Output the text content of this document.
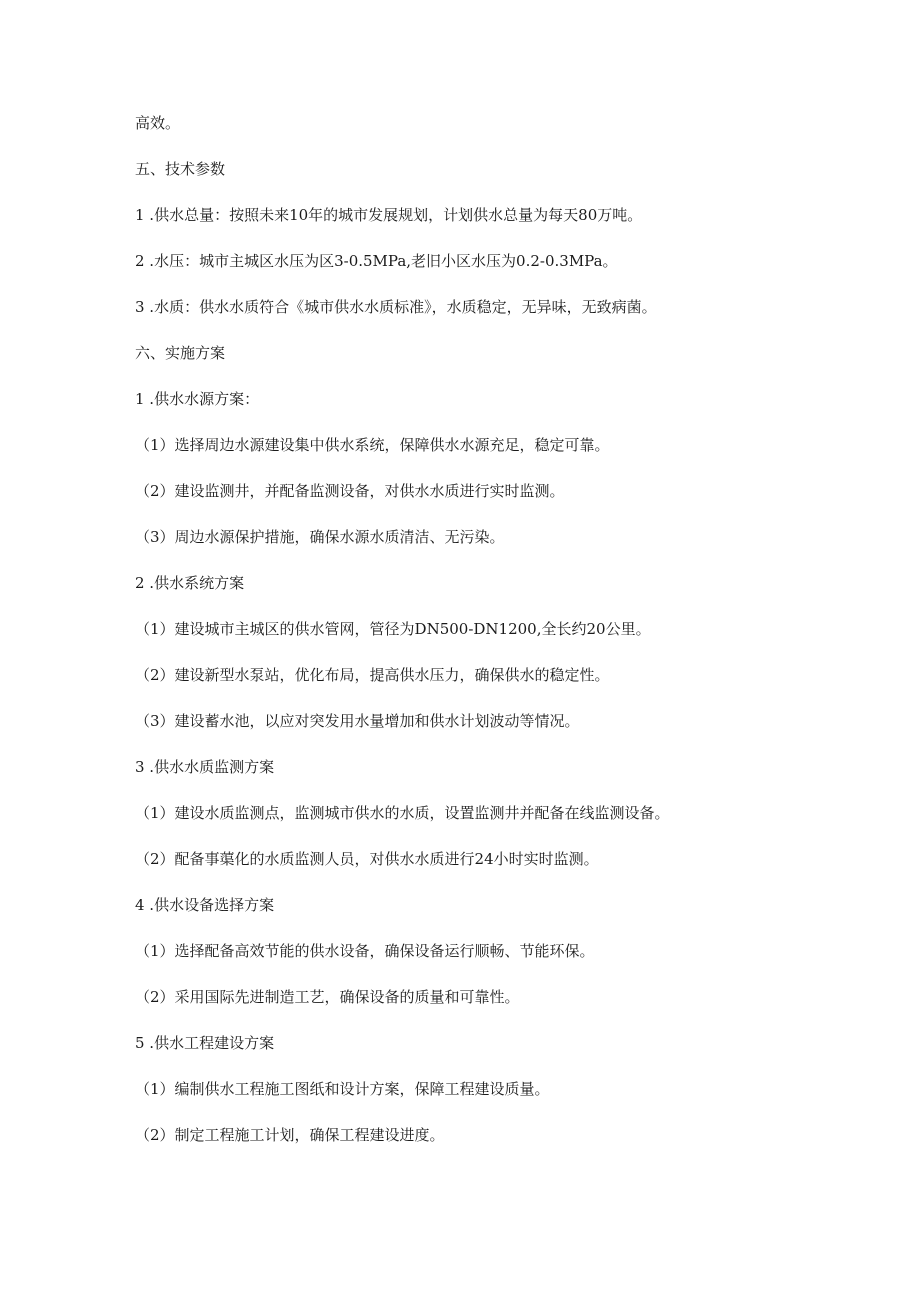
高效。
五、技术参数
1 .供水总量：按照未来10年的城市发展规划，计划供水总量为每天80万吨。
2 .水压：城市主城区水压为区3-0.5MPa,老旧小区水压为0.2-0.3MPa。
3 .水质：供水水质符合《城市供水水质标准》，水质稳定，无异味，无致病菌。
六、实施方案
1 .供水水源方案：
（1）选择周边水源建设集中供水系统，保障供水水源充足，稳定可靠。
（2）建设监测井，并配备监测设备，对供水水质进行实时监测。
（3）周边水源保护措施，确保水源水质清洁、无污染。
2 .供水系统方案
（1）建设城市主城区的供水管网，管径为DN500-DN1200,全长约20公里。
（2）建设新型水泵站，优化布局，提高供水压力，确保供水的稳定性。
（3）建设蓄水池，以应对突发用水量增加和供水计划波动等情况。
3 .供水水质监测方案
（1）建设水质监测点，监测城市供水的水质，设置监测井并配备在线监测设备。
（2）配备事蕖化的水质监测人员，对供水水质进行24小时实时监测。
4 .供水设备选择方案
（1）选择配备高效节能的供水设备，确保设备运行顺畅、节能环保。
（2）采用国际先进制造工艺，确保设备的质量和可靠性。
5 .供水工程建设方案
（1）编制供水工程施工图纸和设计方案，保障工程建设质量。
（2）制定工程施工计划，确保工程建设进度。
